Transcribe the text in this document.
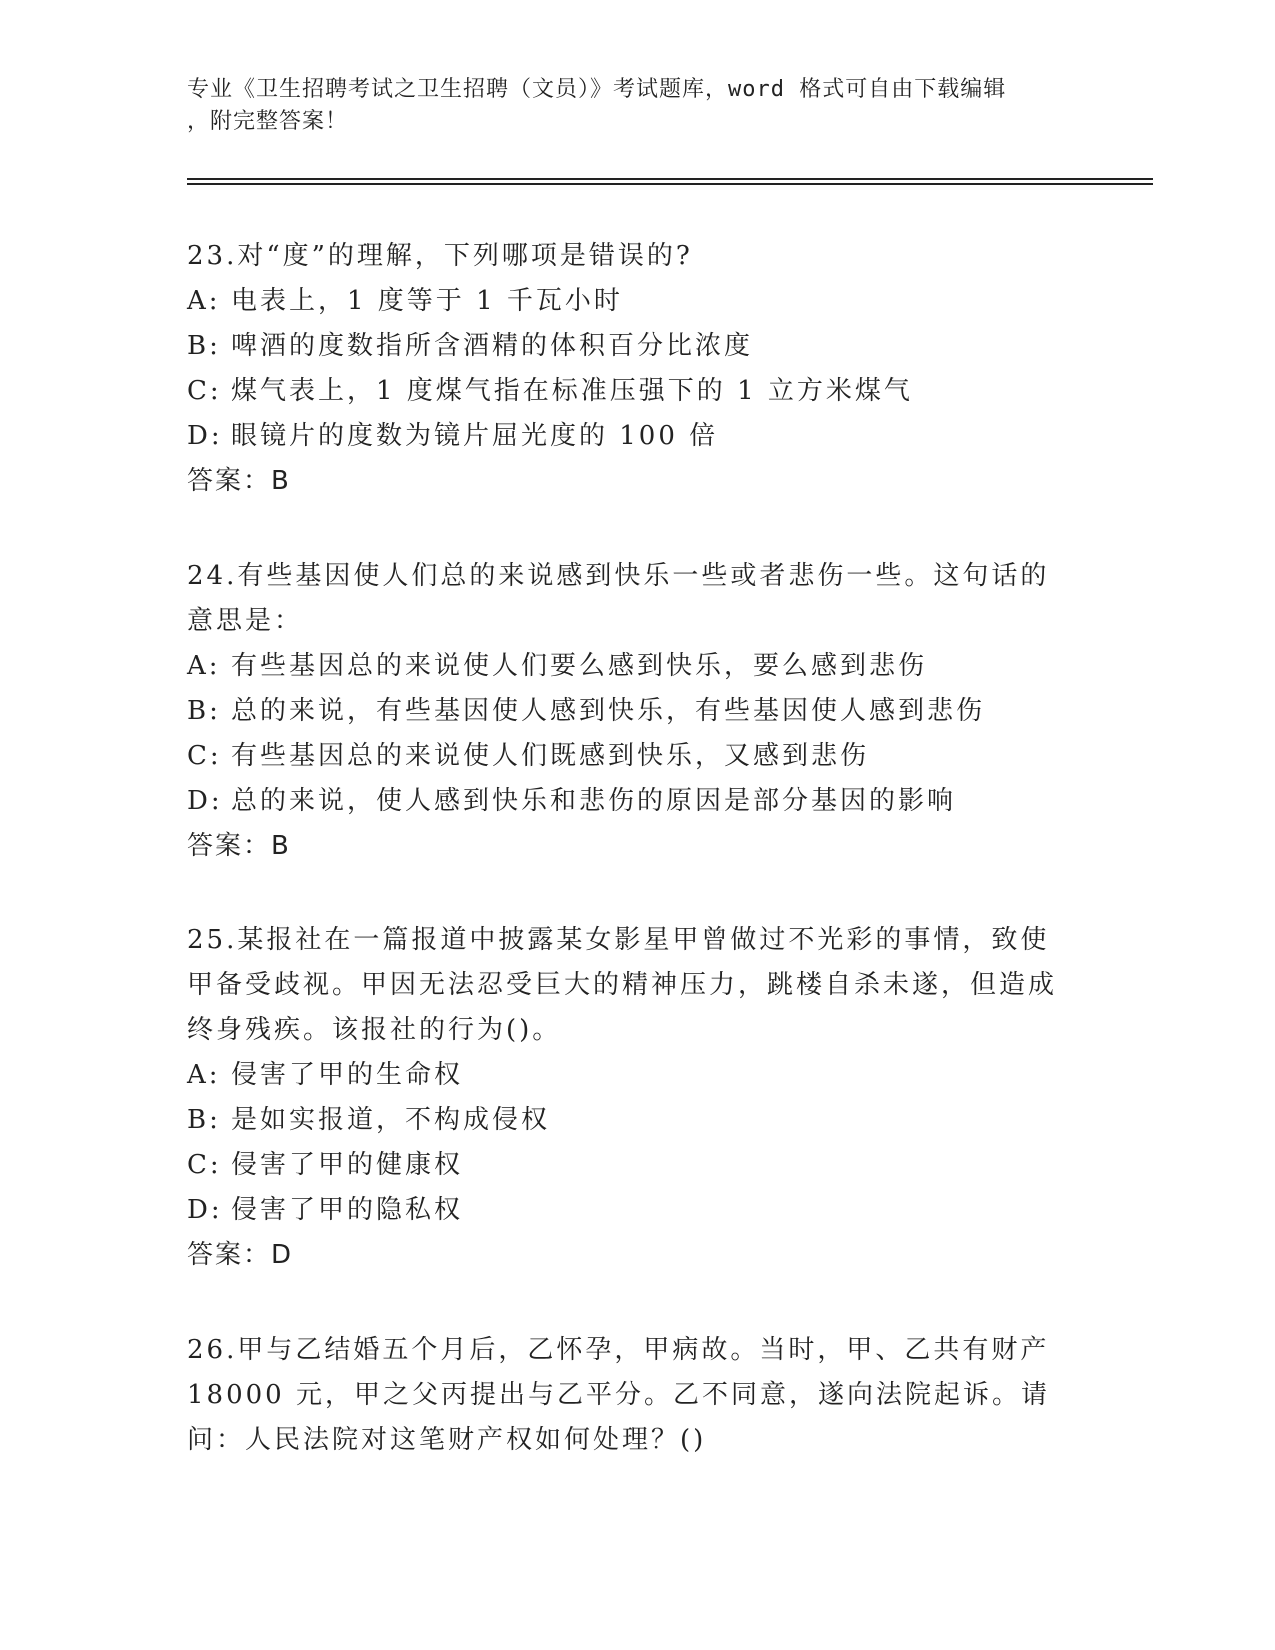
专业《卫生招聘考试之卫生招聘（文员）》考试题库，word 格式可自由下载编辑
，附完整答案！
23.对“度”的理解，下列哪项是错误的?
A: 电表上，1 度等于 1 千瓦小时
B: 啤酒的度数指所含酒精的体积百分比浓度
C: 煤气表上，1 度煤气指在标准压强下的 1 立方米煤气
D: 眼镜片的度数为镜片屈光度的 100 倍
答案：B
24.有些基因使人们总的来说感到快乐一些或者悲伤一些。这句话的意思是：
A: 有些基因总的来说使人们要么感到快乐，要么感到悲伤
B: 总的来说，有些基因使人感到快乐，有些基因使人感到悲伤
C: 有些基因总的来说使人们既感到快乐，又感到悲伤
D: 总的来说，使人感到快乐和悲伤的原因是部分基因的影响
答案：B
25.某报社在一篇报道中披露某女影星甲曾做过不光彩的事情，致使甲备受歧视。甲因无法忍受巨大的精神压力，跳楼自杀未遂，但造成终身残疾。该报社的行为()。
A: 侵害了甲的生命权
B: 是如实报道，不构成侵权
C: 侵害了甲的健康权
D: 侵害了甲的隐私权
答案：D
26.甲与乙结婚五个月后，乙怀孕，甲病故。当时，甲、乙共有财产 18000 元，甲之父丙提出与乙平分。乙不同意，遂向法院起诉。请问：人民法院对这笔财产权如何处理？()
